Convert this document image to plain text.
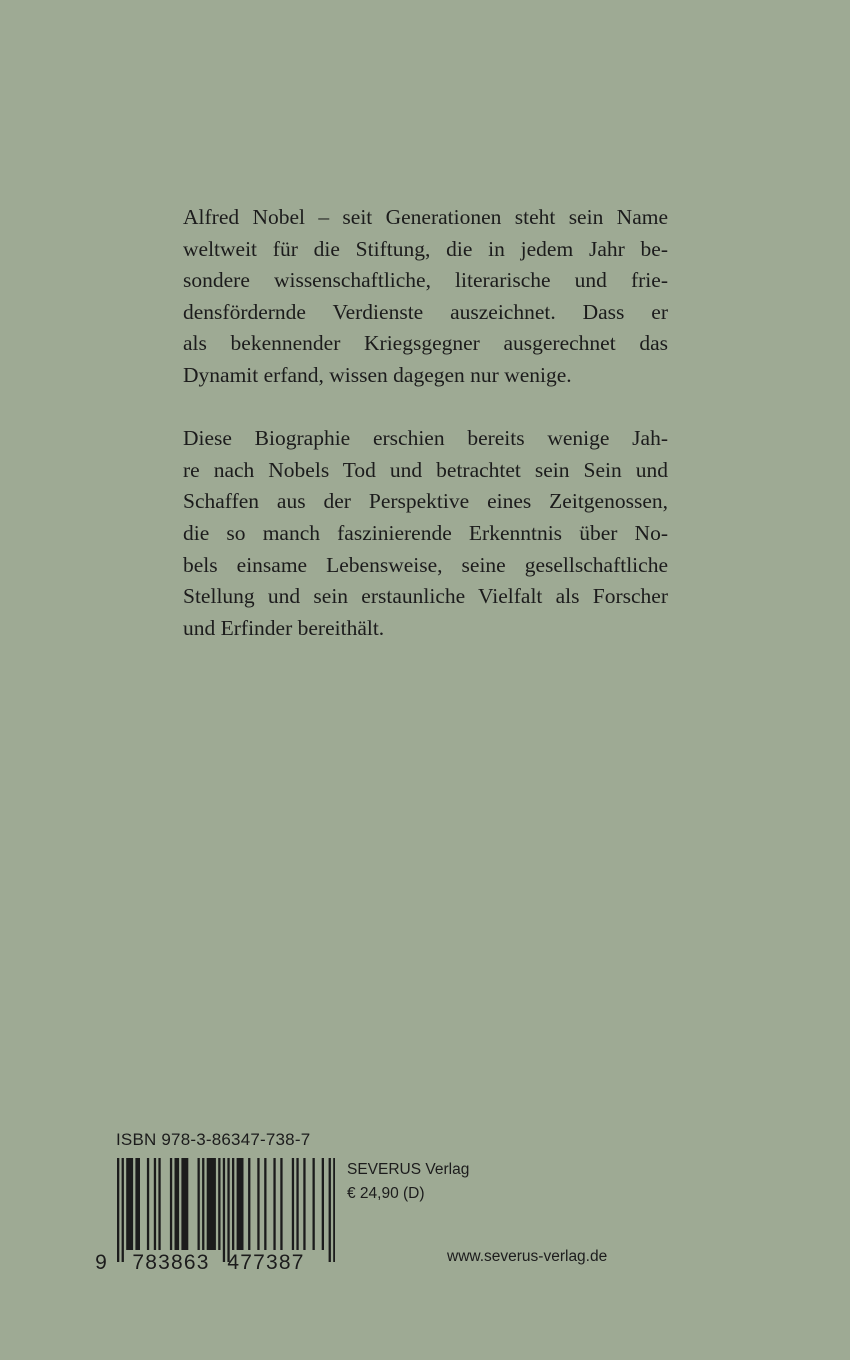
Alfred Nobel – seit Generationen steht sein Name
weltweit für die Stiftung, die in jedem Jahr be-
sondere wissenschaftliche, literarische und frie-
densfördernde Verdienste auszeichnet. Dass er
als bekennender Kriegsgegner ausgerechnet das
Dynamit erfand, wissen dagegen nur wenige.

Diese Biographie erschien bereits wenige Jah-
re nach Nobels Tod und betrachtet sein Sein und
Schaffen aus der Perspektive eines Zeitgenossen,
die so manch faszinierende Erkenntnis über No-
bels einsame Lebensweise, seine gesellschaftliche
Stellung und sein erstaunliche Vielfalt als Forscher
und Erfinder bereithält.

ISBN 978-3-86347-738-7
9 783863 477387
SEVERUS Verlag
€ 24,90 (D)
www.severus-verlag.de
